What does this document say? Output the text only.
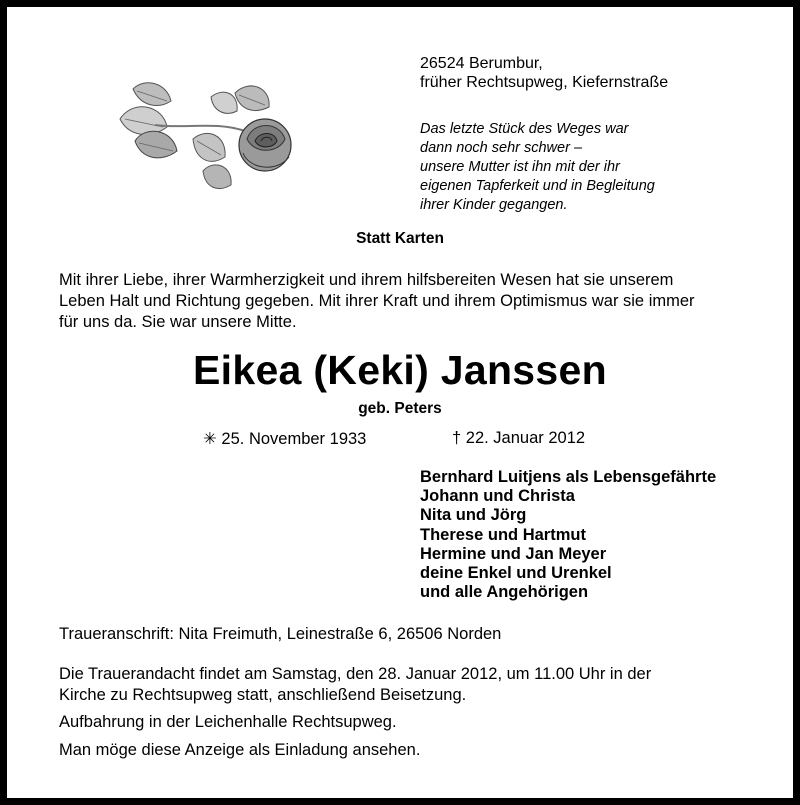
26524 Berumbur,
früher Rechtsupweg, Kiefernstraße
Das letzte Stück des Weges war
dann noch sehr schwer –
unsere Mutter ist ihn mit der ihr
eigenen Tapferkeit und in Begleitung
ihrer Kinder gegangen.
Statt Karten
Mit ihrer Liebe, ihrer Warmherzigkeit und ihrem hilfsbereiten Wesen hat sie unserem
Leben Halt und Richtung gegeben. Mit ihrer Kraft und ihrem Optimismus war sie immer
für uns da. Sie war unsere Mitte.
Eikea (Keki) Janssen
geb. Peters
✳ 25. November 1933	† 22. Januar 2012
Bernhard Luitjens als Lebensgefährte
Johann und Christa
Nita und Jörg
Therese und Hartmut
Hermine und Jan Meyer
deine Enkel und Urenkel
und alle Angehörigen
Traueranschrift: Nita Freimuth, Leinestraße 6, 26506 Norden
Die Trauerandacht findet am Samstag, den 28. Januar 2012, um 11.00 Uhr in der
Kirche zu Rechtsupweg statt, anschließend Beisetzung.
Aufbahrung in der Leichenhalle Rechtsupweg.
Man möge diese Anzeige als Einladung ansehen.
